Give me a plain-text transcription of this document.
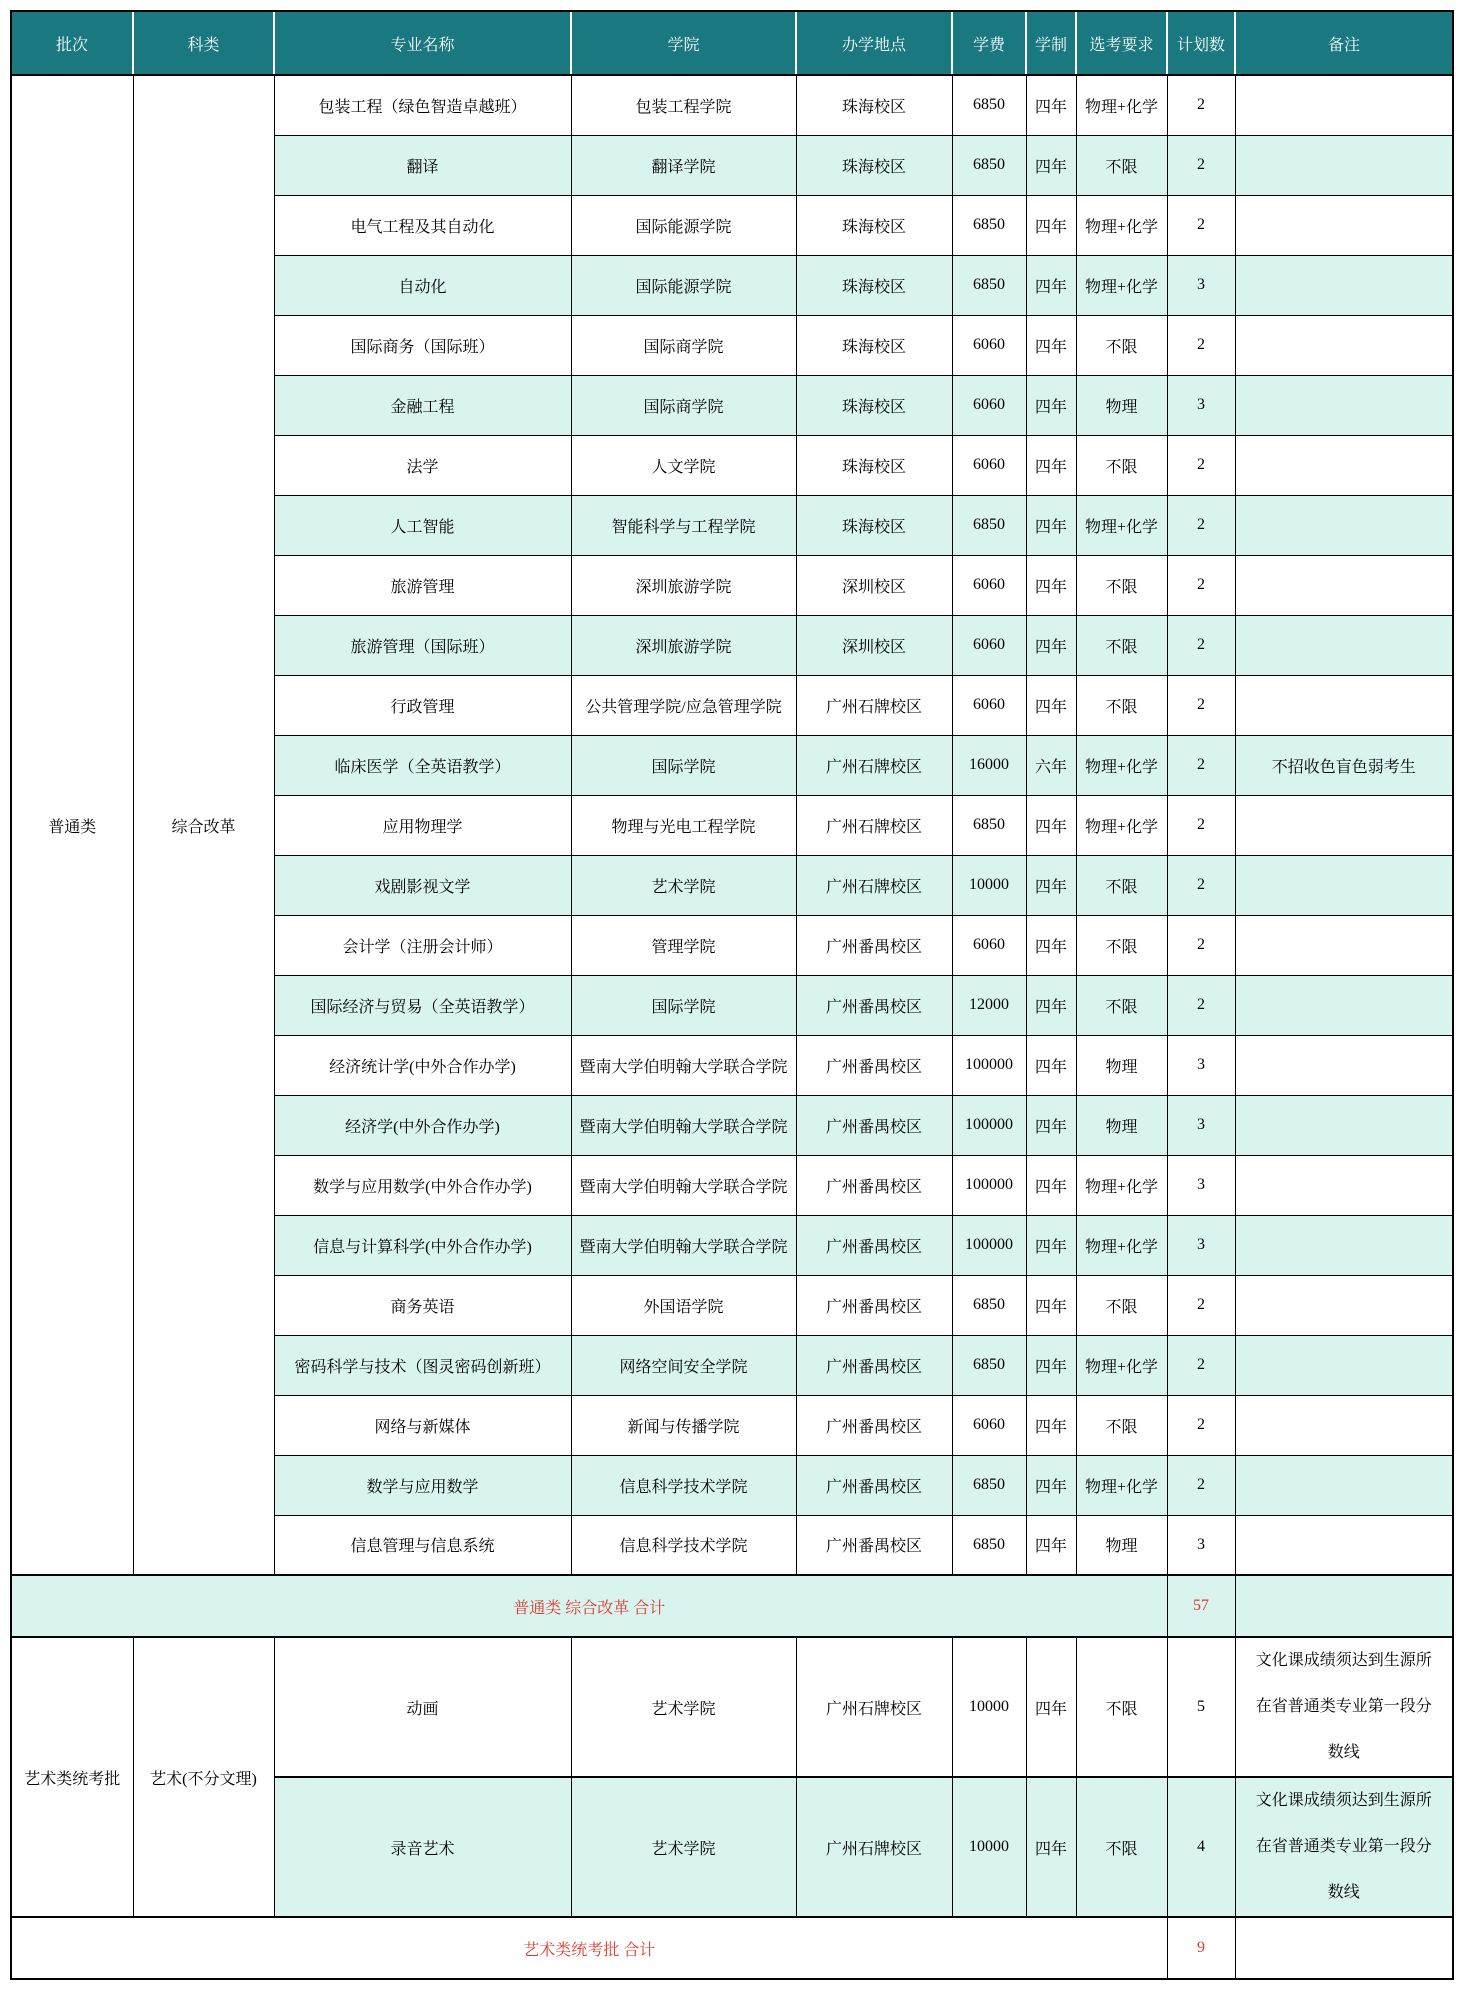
批次	科类	专业名称	学院	办学地点	学费	学制	选考要求	计划数	备注
普通类	综合改革	包装工程（绿色智造卓越班）	包装工程学院	珠海校区	6850	四年	物理+化学	2	
		翻译	翻译学院	珠海校区	6850	四年	不限	2	
		电气工程及其自动化	国际能源学院	珠海校区	6850	四年	物理+化学	2	
		自动化	国际能源学院	珠海校区	6850	四年	物理+化学	3	
		国际商务（国际班）	国际商学院	珠海校区	6060	四年	不限	2	
		金融工程	国际商学院	珠海校区	6060	四年	物理	3	
		法学	人文学院	珠海校区	6060	四年	不限	2	
		人工智能	智能科学与工程学院	珠海校区	6850	四年	物理+化学	2	
		旅游管理	深圳旅游学院	深圳校区	6060	四年	不限	2	
		旅游管理（国际班）	深圳旅游学院	深圳校区	6060	四年	不限	2	
		行政管理	公共管理学院/应急管理学院	广州石牌校区	6060	四年	不限	2	
		临床医学（全英语教学）	国际学院	广州石牌校区	16000	六年	物理+化学	2	不招收色盲色弱考生
		应用物理学	物理与光电工程学院	广州石牌校区	6850	四年	物理+化学	2	
		戏剧影视文学	艺术学院	广州石牌校区	10000	四年	不限	2	
		会计学（注册会计师）	管理学院	广州番禺校区	6060	四年	不限	2	
		国际经济与贸易（全英语教学）	国际学院	广州番禺校区	12000	四年	不限	2	
		经济统计学(中外合作办学)	暨南大学伯明翰大学联合学院	广州番禺校区	100000	四年	物理	3	
		经济学(中外合作办学)	暨南大学伯明翰大学联合学院	广州番禺校区	100000	四年	物理	3	
		数学与应用数学(中外合作办学)	暨南大学伯明翰大学联合学院	广州番禺校区	100000	四年	物理+化学	3	
		信息与计算科学(中外合作办学)	暨南大学伯明翰大学联合学院	广州番禺校区	100000	四年	物理+化学	3	
		商务英语	外国语学院	广州番禺校区	6850	四年	不限	2	
		密码科学与技术（图灵密码创新班）	网络空间安全学院	广州番禺校区	6850	四年	物理+化学	2	
		网络与新媒体	新闻与传播学院	广州番禺校区	6060	四年	不限	2	
		数学与应用数学	信息科学技术学院	广州番禺校区	6850	四年	物理+化学	2	
		信息管理与信息系统	信息科学技术学院	广州番禺校区	6850	四年	物理	3	
普通类 综合改革 合计								57	
艺术类统考批	艺术(不分文理)	动画	艺术学院	广州石牌校区	10000	四年	不限	5	文化课成绩须达到生源所在省普通类专业第一段分数线
		录音艺术	艺术学院	广州石牌校区	10000	四年	不限	4	文化课成绩须达到生源所在省普通类专业第一段分数线
艺术类统考批 合计								9	
